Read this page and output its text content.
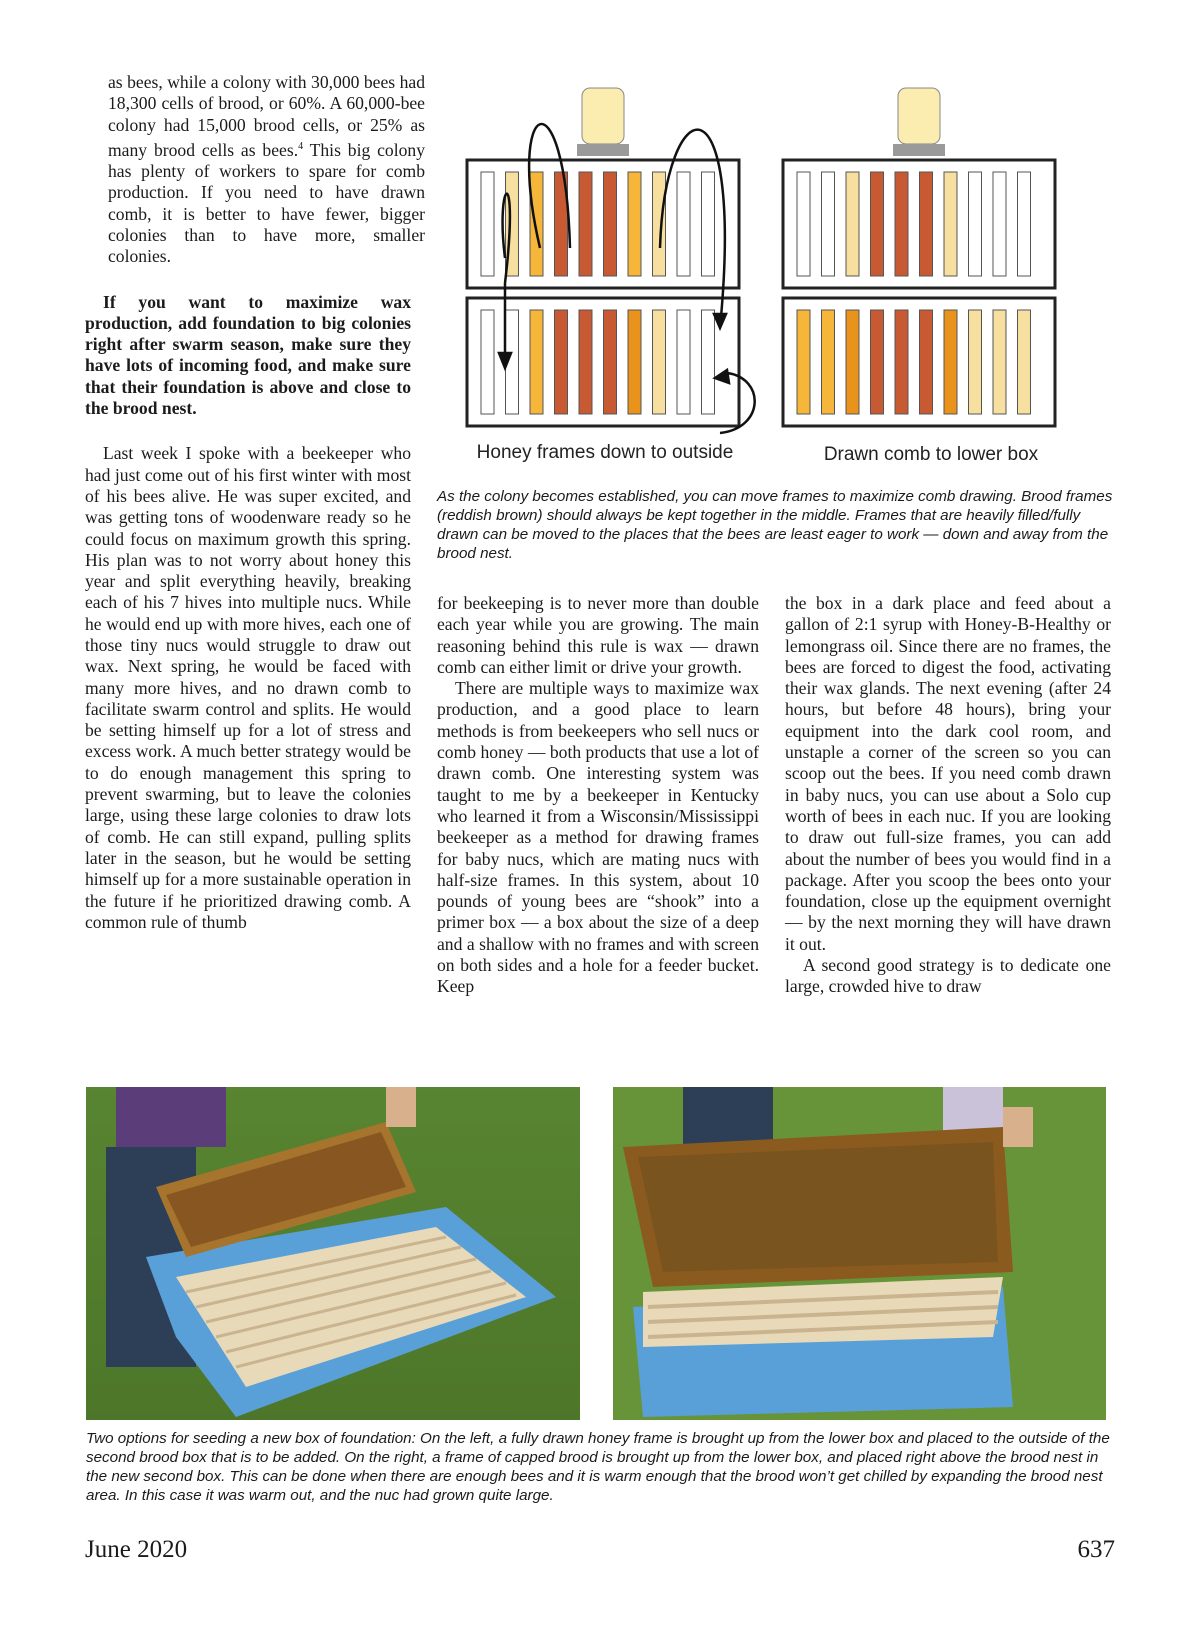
as bees, while a colony with 30,000 bees had 18,300 cells of brood, or 60%. A 60,000-bee colony had 15,000 brood cells, or 25% as many brood cells as bees.$^4$ This big colony has plenty of workers to spare for comb production. If you need to have drawn comb, it is better to have fewer, bigger colonies than to have more, smaller colonies.

If you want to maximize wax production, add foundation to big colonies right after swarm season, make sure they have lots of incoming food, and make sure that their foundation is above and close to the brood nest.

Last week I spoke with a beekeeper who had just come out of his first winter with most of his bees alive. He was super excited, and was getting tons of woodenware ready so he could focus on maximum growth this spring. His plan was to not worry about honey this year and split everything heavily, breaking each of his 7 hives into multiple nucs. While he would end up with more hives, each one of those tiny nucs would struggle to draw out wax. Next spring, he would be faced with many more hives, and no drawn comb to facilitate swarm control and splits. He would be setting himself up for a lot of stress and excess work. A much better strategy would be to do enough management this spring to prevent swarming, but to leave the colonies large, using these large colonies to draw lots of comb. He can still expand, pulling splits later in the season, but he would be setting himself up for a more sustainable operation in the future if he prioritized drawing comb. A common rule of thumb

for beekeeping is to never more than double each year while you are growing. The main reasoning behind this rule is wax — drawn comb can either limit or drive your growth.

There are multiple ways to maximize wax production, and a good place to learn methods is from beekeepers who sell nucs or comb honey — both products that use a lot of drawn comb. One interesting system was taught to me by a beekeeper in Kentucky who learned it from a Wisconsin/Mississippi beekeeper as a method for drawing frames for baby nucs, which are mating nucs with half-size frames. In this system, about 10 pounds of young bees are “shook” into a primer box — a box about the size of a deep and a shallow with no frames and with screen on both sides and a hole for a feeder bucket. Keep

the box in a dark place and feed about a gallon of 2:1 syrup with Honey-B-Healthy or lemongrass oil. Since there are no frames, the bees are forced to digest the food, activating their wax glands. The next evening (after 24 hours, but before 48 hours), bring your equipment into the dark cool room, and unstaple a corner of the screen so you can scoop out the bees. If you need comb drawn in baby nucs, you can use about a Solo cup worth of bees in each nuc. If you are looking to draw out full-size frames, you can add about the number of bees you would find in a package. After you scoop the bees onto your foundation, close up the equipment overnight — by the next morning they will have drawn it out.

A second good strategy is to dedicate one large, crowded hive to draw

Honey frames down to outside	Drawn comb to lower box
As the colony becomes established, you can move frames to maximize comb drawing. Brood frames (reddish brown) should always be kept together in the middle. Frames that are heavily filled/fully drawn can be moved to the places that the bees are least eager to work — down and away from the brood nest.
Two options for seeding a new box of foundation: On the left, a fully drawn honey frame is brought up from the lower box and placed to the outside of the second brood box that is to be added. On the right, a frame of capped brood is brought up from the lower box, and placed right above the brood nest in the new second box. This can be done when there are enough bees and it is warm enough that the brood won’t get chilled by expanding the brood nest area. In this case it was warm out, and the nuc had grown quite large.
June 2020	637
